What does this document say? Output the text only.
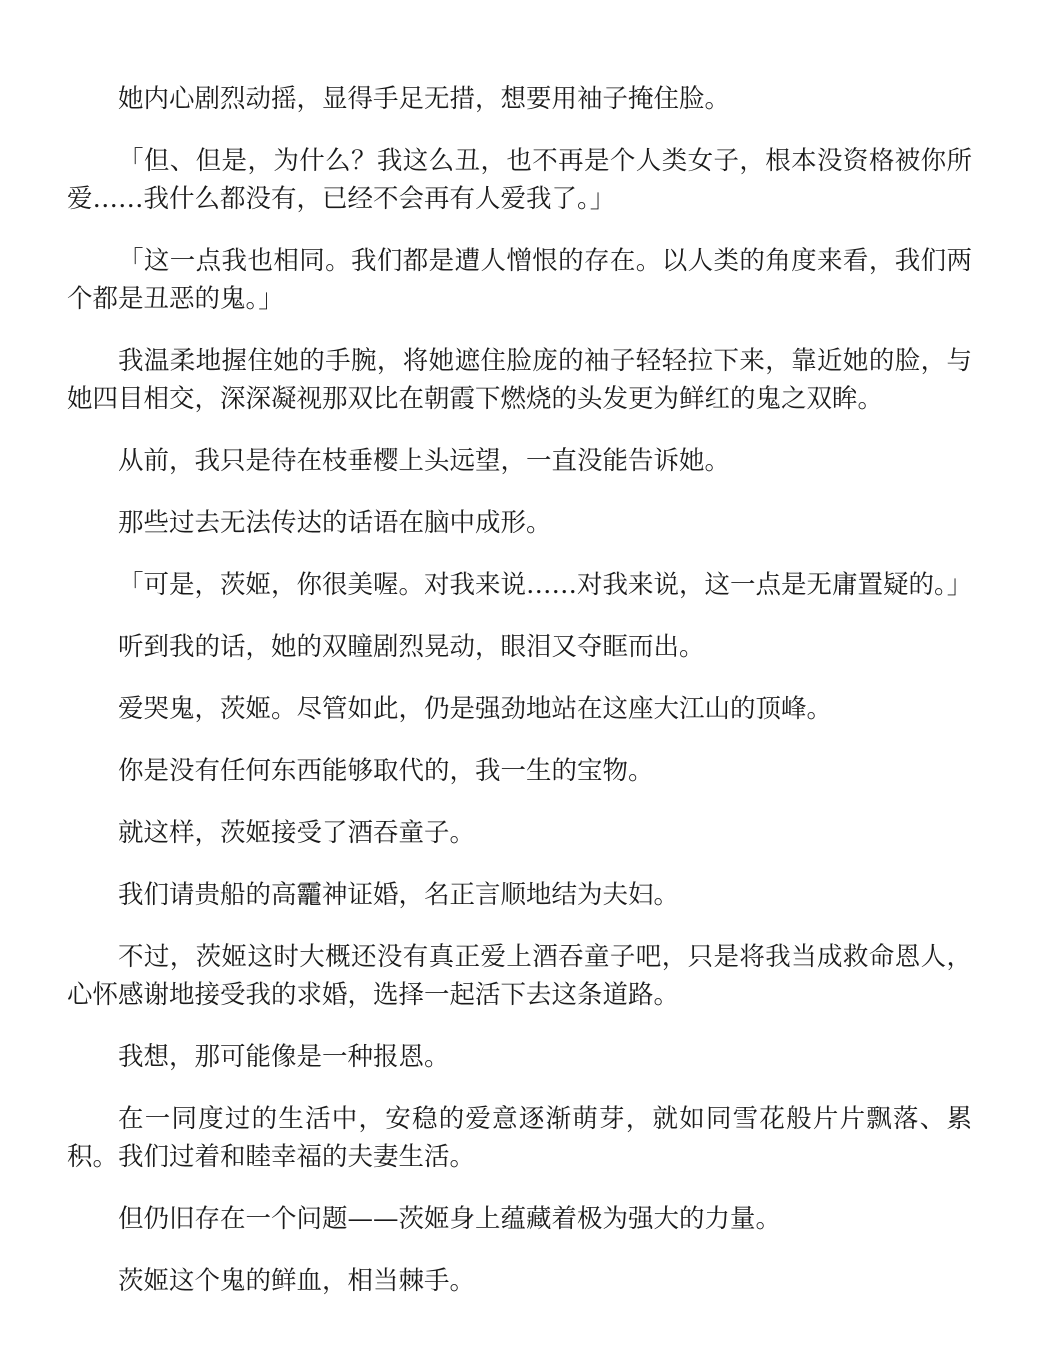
她内心剧烈动摇，显得手足无措，想要用袖子掩住脸。

「但、但是，为什么？我这么丑，也不再是个人类女子，根本没资格被你所爱……我什么都没有，已经不会再有人爱我了。」

「这一点我也相同。我们都是遭人憎恨的存在。以人类的角度来看，我们两个都是丑恶的鬼。」

我温柔地握住她的手腕，将她遮住脸庞的袖子轻轻拉下来，靠近她的脸，与她四目相交，深深凝视那双比在朝霞下燃烧的头发更为鲜红的鬼之双眸。

从前，我只是待在枝垂樱上头远望，一直没能告诉她。

那些过去无法传达的话语在脑中成形。

「可是，茨姬，你很美喔。对我来说……对我来说，这一点是无庸置疑的。」

听到我的话，她的双瞳剧烈晃动，眼泪又夺眶而出。

爱哭鬼，茨姬。尽管如此，仍是强劲地站在这座大江山的顶峰。

你是没有任何东西能够取代的，我一生的宝物。

就这样，茨姬接受了酒吞童子。

我们请贵船的高龗神证婚，名正言顺地结为夫妇。

不过，茨姬这时大概还没有真正爱上酒吞童子吧，只是将我当成救命恩人，心怀感谢地接受我的求婚，选择一起活下去这条道路。

我想，那可能像是一种报恩。

在一同度过的生活中，安稳的爱意逐渐萌芽，就如同雪花般片片飘落、累积。我们过着和睦幸福的夫妻生活。

但仍旧存在一个问题——茨姬身上蕴藏着极为强大的力量。

茨姬这个鬼的鲜血，相当棘手。
